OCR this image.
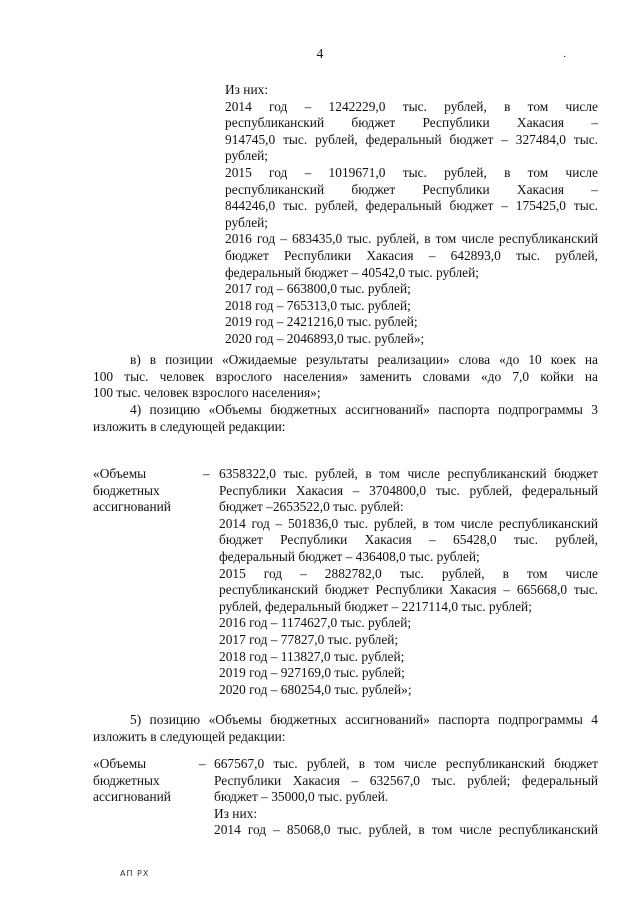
4	·
Из них:
2014 год – 1242229,0 тыс. рублей, в том числе
республиканский бюджет Республики Хакасия –
914745,0 тыс. рублей, федеральный бюджет – 327484,0 тыс.
рублей;
2015 год – 1019671,0 тыс. рублей, в том числе
республиканский бюджет Республики Хакасия –
844246,0 тыс. рублей, федеральный бюджет – 175425,0 тыс.
рублей;
2016 год – 683435,0 тыс. рублей, в том числе республиканский
бюджет Республики Хакасия – 642893,0 тыс. рублей,
федеральный бюджет – 40542,0 тыс. рублей;
2017 год – 663800,0 тыс. рублей;
2018 год – 765313,0 тыс. рублей;
2019 год – 2421216,0 тыс. рублей;
2020 год – 2046893,0 тыс. рублей»;
в) в позиции «Ожидаемые результаты реализации» слова «до 10 коек на
100 тыс. человек взрослого населения» заменить словами «до 7,0 койки на
100 тыс. человек взрослого населения»;
4) позицию «Объемы бюджетных ассигнований» паспорта подпрограммы 3
изложить в следующей редакции:
«Объемы
бюджетных
ассигнований
– 6358322,0 тыс. рублей, в том числе республиканский бюджет
Республики Хакасия – 3704800,0 тыс. рублей, федеральный
бюджет –2653522,0 тыс. рублей:
2014 год – 501836,0 тыс. рублей, в том числе республиканский
бюджет Республики Хакасия – 65428,0 тыс. рублей,
федеральный бюджет – 436408,0 тыс. рублей;
2015 год – 2882782,0 тыс. рублей, в том числе
республиканский бюджет Республики Хакасия – 665668,0 тыс.
рублей, федеральный бюджет – 2217114,0 тыс. рублей;
2016 год – 1174627,0 тыс. рублей;
2017 год – 77827,0 тыс. рублей;
2018 год – 113827,0 тыс. рублей;
2019 год – 927169,0 тыс. рублей;
2020 год – 680254,0 тыс. рублей»;
5) позицию «Объемы бюджетных ассигнований» паспорта подпрограммы 4
изложить в следующей редакции:
«Объемы
бюджетных
ассигнований
– 667567,0 тыс. рублей, в том числе республиканский бюджет
Республики Хакасия – 632567,0 тыс. рублей; федеральный
бюджет – 35000,0 тыс. рублей.
Из них:
2014 год – 85068,0 тыс. рублей, в том числе республиканский
АП РХ
